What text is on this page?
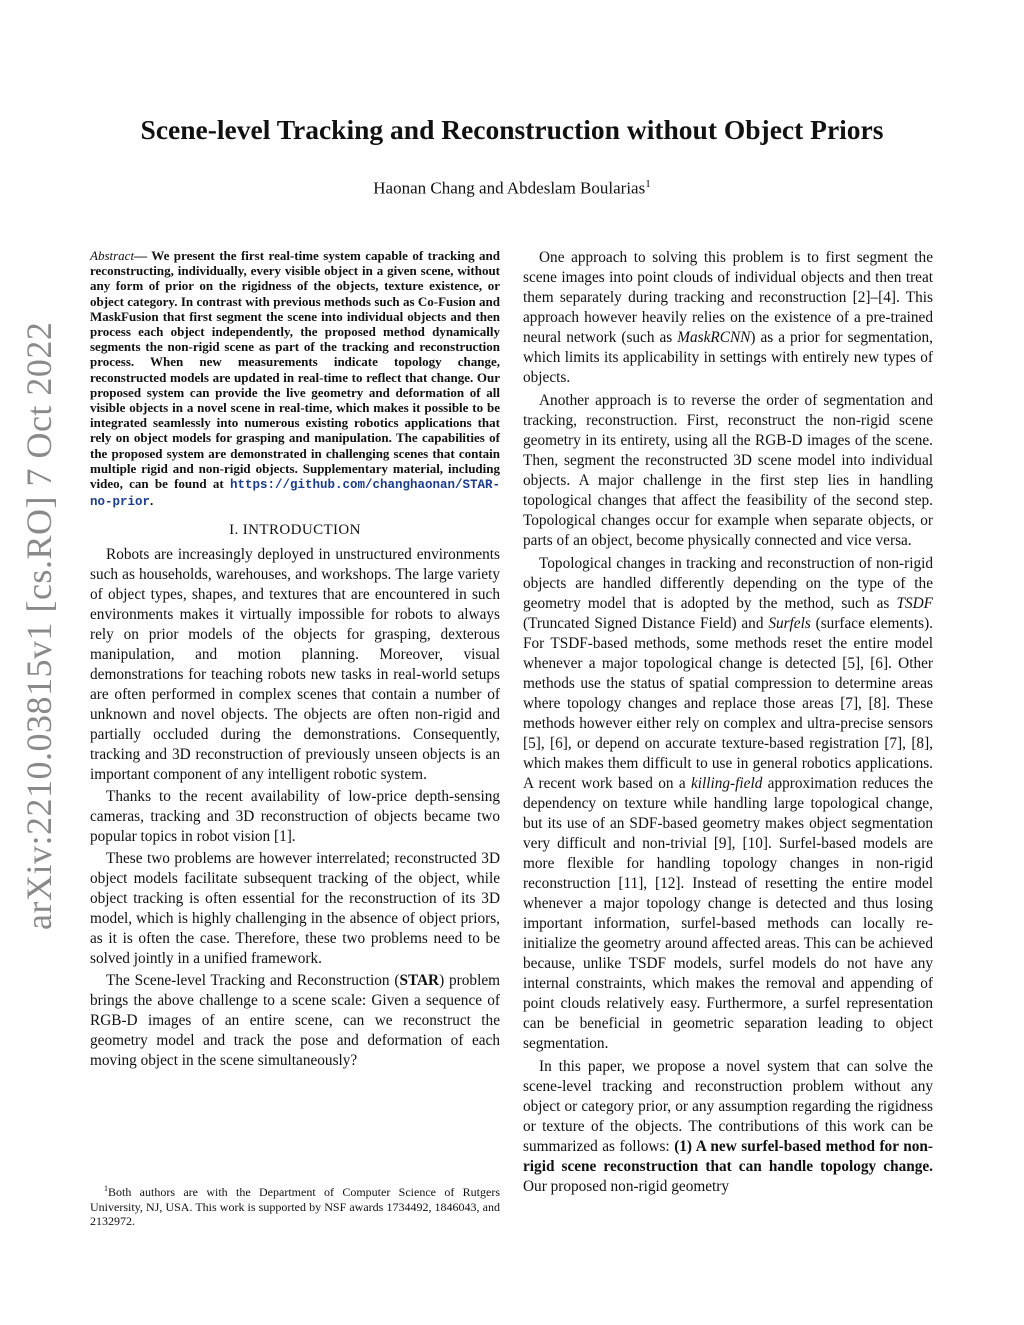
arXiv:2210.03815v1 [cs.RO] 7 Oct 2022
Scene-level Tracking and Reconstruction without Object Priors
Haonan Chang and Abdeslam Boularias$^1$

Abstract— We present the first real-time system capable of tracking and reconstructing, individually, every visible object in a given scene, without any form of prior on the rigidness of the objects, texture existence, or object category. In contrast with previous methods such as Co-Fusion and MaskFusion that first segment the scene into individual objects and then process each object independently, the proposed method dynamically segments the non-rigid scene as part of the tracking and reconstruction process. When new measurements indicate topology change, reconstructed models are updated in real-time to reflect that change. Our proposed system can provide the live geometry and deformation of all visible objects in a novel scene in real-time, which makes it possible to be integrated seamlessly into numerous existing robotics applications that rely on object models for grasping and manipulation. The capabilities of the proposed system are demonstrated in challenging scenes that contain multiple rigid and non-rigid objects. Supplementary material, including video, can be found at https://github.com/changhaonan/STAR-no-prior.

I. INTRODUCTION

Robots are increasingly deployed in unstructured environments such as households, warehouses, and workshops. The large variety of object types, shapes, and textures that are encountered in such environments makes it virtually impossible for robots to always rely on prior models of the objects for grasping, dexterous manipulation, and motion planning. Moreover, visual demonstrations for teaching robots new tasks in real-world setups are often performed in complex scenes that contain a number of unknown and novel objects. The objects are often non-rigid and partially occluded during the demonstrations. Consequently, tracking and 3D reconstruction of previously unseen objects is an important component of any intelligent robotic system.

Thanks to the recent availability of low-price depth-sensing cameras, tracking and 3D reconstruction of objects became two popular topics in robot vision [1].

These two problems are however interrelated; reconstructed 3D object models facilitate subsequent tracking of the object, while object tracking is often essential for the reconstruction of its 3D model, which is highly challenging in the absence of object priors, as it is often the case. Therefore, these two problems need to be solved jointly in a unified framework.

The Scene-level Tracking and Reconstruction (STAR) problem brings the above challenge to a scene scale: Given a sequence of RGB-D images of an entire scene, can we reconstruct the geometry model and track the pose and deformation of each moving object in the scene simultaneously?

$^1$Both authors are with the Department of Computer Science of Rutgers University, NJ, USA. This work is supported by NSF awards 1734492, 1846043, and 2132972.

One approach to solving this problem is to first segment the scene images into point clouds of individual objects and then treat them separately during tracking and reconstruction [2]–[4]. This approach however heavily relies on the existence of a pre-trained neural network (such as MaskRCNN) as a prior for segmentation, which limits its applicability in settings with entirely new types of objects.

Another approach is to reverse the order of segmentation and tracking, reconstruction. First, reconstruct the non-rigid scene geometry in its entirety, using all the RGB-D images of the scene. Then, segment the reconstructed 3D scene model into individual objects. A major challenge in the first step lies in handling topological changes that affect the feasibility of the second step. Topological changes occur for example when separate objects, or parts of an object, become physically connected and vice versa.

Topological changes in tracking and reconstruction of non-rigid objects are handled differently depending on the type of the geometry model that is adopted by the method, such as TSDF (Truncated Signed Distance Field) and Surfels (surface elements). For TSDF-based methods, some methods reset the entire model whenever a major topological change is detected [5], [6]. Other methods use the status of spatial compression to determine areas where topology changes and replace those areas [7], [8]. These methods however either rely on complex and ultra-precise sensors [5], [6], or depend on accurate texture-based registration [7], [8], which makes them difficult to use in general robotics applications. A recent work based on a killing-field approximation reduces the dependency on texture while handling large topological change, but its use of an SDF-based geometry makes object segmentation very difficult and non-trivial [9], [10]. Surfel-based models are more flexible for handling topology changes in non-rigid reconstruction [11], [12]. Instead of resetting the entire model whenever a major topology change is detected and thus losing important information, surfel-based methods can locally re-initialize the geometry around affected areas. This can be achieved because, unlike TSDF models, surfel models do not have any internal constraints, which makes the removal and appending of point clouds relatively easy. Furthermore, a surfel representation can be beneficial in geometric separation leading to object segmentation.

In this paper, we propose a novel system that can solve the scene-level tracking and reconstruction problem without any object or category prior, or any assumption regarding the rigidness or texture of the objects. The contributions of this work can be summarized as follows: (1) A new surfel-based method for non-rigid scene reconstruction that can handle topology change. Our proposed non-rigid geometry
